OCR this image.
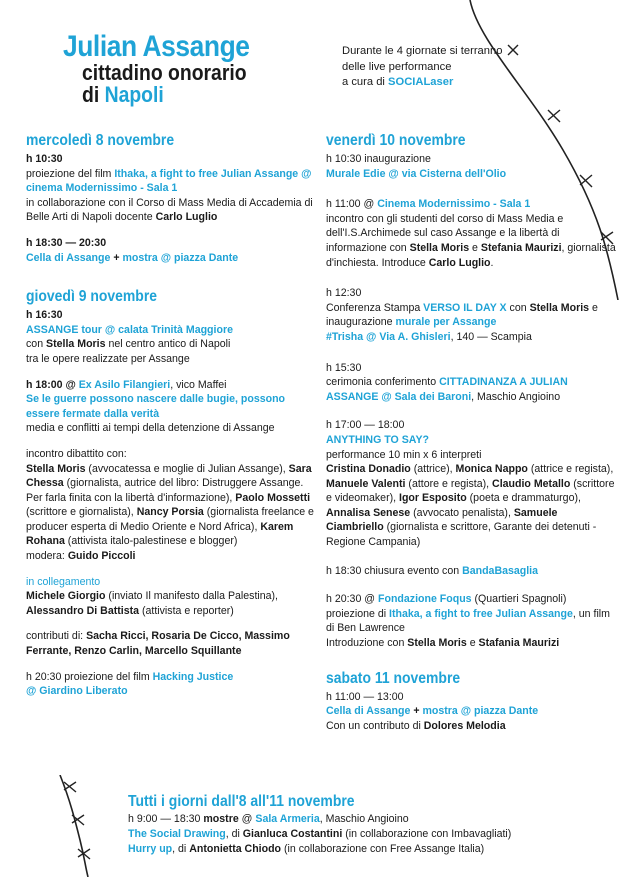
Julian Assange
cittadino onorario
di Napoli
Durante le 4 giornate si terranno
delle live performance
a cura di SOCIALaser
mercoledì 8 novembre

h 10:30

proiezione del film Ithaka, a fight to free Julian Assange @ cinema Modernissimo - Sala 1

in collaborazione con il Corso di Mass Media di Accademia di Belle Arti di Napoli docente Carlo Luglio

h 18:30 — 20:30

Cella di Assange + mostra @ piazza Dante

giovedì 9 novembre

h 16:30

ASSANGE tour @ calata Trinità Maggiore

con Stella Moris nel centro antico di Napoli

tra le opere realizzate per Assange

h 18:00 @ Ex Asilo Filangieri, vico Maffei

Se le guerre possono nascere dalle bugie, possono essere fermate dalla verità

media e conflitti ai tempi della detenzione di Assange

incontro dibattito con:

Stella Moris (avvocatessa e moglie di Julian Assange), Sara Chessa (giornalista, autrice del libro: Distruggere Assange. Per farla finita con la libertà d'informazione), Paolo Mossetti (scrittore e giornalista), Nancy Porsia (giornalista freelance e producer esperta di Medio Oriente e Nord Africa), Karem Rohana (attivista italo-palestinese e blogger)

modera: Guido Piccoli

in collegamento

Michele Giorgio (inviato Il manifesto dalla Palestina),

Alessandro Di Battista (attivista e reporter)

contributi di: Sacha Ricci, Rosaria De Cicco, Massimo Ferrante, Renzo Carlin, Marcello Squillante

h 20:30 proiezione del film Hacking Justice

@ Giardino Liberato

venerdì 10 novembre

h 10:30 inaugurazione

Murale Edie @ via Cisterna dell'Olio

h 11:00 @ Cinema Modernissimo - Sala 1

incontro con gli studenti del corso di Mass Media e dell'I.S.Archimede sul caso Assange e la libertà di informazione con Stella Moris e Stefania Maurizi, giornalista d'inchiesta. Introduce Carlo Luglio.

h 12:30

Conferenza Stampa VERSO IL DAY X con Stella Moris e inaugurazione murale per Assange
#Trisha @ Via A. Ghisleri, 140 — Scampia

h 15:30

cerimonia conferimento CITTADINANZA A JULIAN ASSANGE @ Sala dei Baroni, Maschio Angioino

h 17:00 — 18:00

ANYTHING TO SAY?

performance 10 min x 6 interpreti

Cristina Donadio (attrice), Monica Nappo (attrice e regista), Manuele Valenti (attore e regista), Claudio Metallo (scrittore e videomaker), Igor Esposito (poeta e drammaturgo), Annalisa Senese (avvocato penalista), Samuele Ciambriello (giornalista e scrittore, Garante dei detenuti - Regione Campania)

h 18:30 chiusura evento con BandaBasaglia

h 20:30 @ Fondazione Foqus (Quartieri Spagnoli)

proiezione di Ithaka, a fight to free Julian Assange, un film di Ben Lawrence

Introduzione con Stella Moris e Stafania Maurizi

sabato 11 novembre

h 11:00 — 13:00

Cella di Assange + mostra @ piazza Dante

Con un contributo di Dolores Melodia

Tutti i giorni dall'8 all'11 novembre

h 9:00 — 18:30 mostre @ Sala Armeria, Maschio Angioino

The Social Drawing, di Gianluca Costantini (in collaborazione con Imbavagliati)

Hurry up, di Antonietta Chiodo (in collaborazione con Free Assange Italia)
